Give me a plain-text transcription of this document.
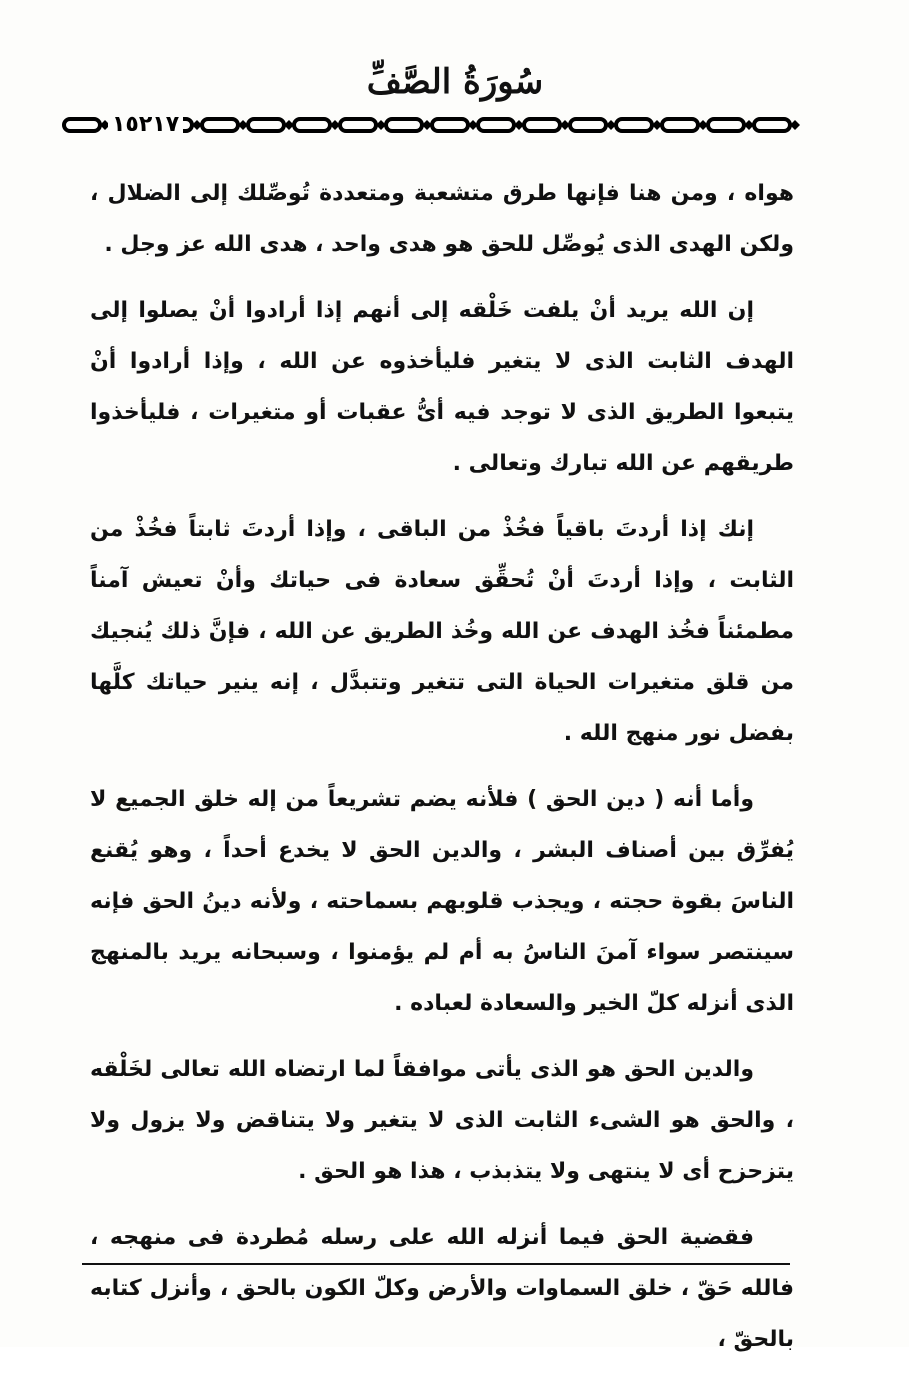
سُورَةُ الصَّفِّ
١٥٢١٧

هواه ، ومن هنا فإنها طرق متشعبة ومتعددة تُوصِّلك إلى الضلال ، ولكن الهدى الذى يُوصِّل للحق هو هدى واحد ، هدى الله عز وجل .

إن الله يريد أنْ يلفت خَلْقه إلى أنهم إذا أرادوا أنْ يصلوا إلى الهدف الثابت الذى لا يتغير فليأخذوه عن الله ، وإذا أرادوا أنْ يتبعوا الطريق الذى لا توجد فيه أىُّ عقبات أو متغيرات ، فليأخذوا طريقهم عن الله تبارك وتعالى .

إنك إذا أردتَ باقياً فخُذْ من الباقى ، وإذا أردتَ ثابتاً فخُذْ من الثابت ، وإذا أردتَ أنْ تُحقِّق سعادة فى حياتك وأنْ تعيش آمناً مطمئناً فخُذ الهدف عن الله وخُذ الطريق عن الله ، فإنَّ ذلك يُنجيك من قلق متغيرات الحياة التى تتغير وتتبدَّل ، إنه ينير حياتك كلَّها بفضل نور منهج الله .

وأما أنه ( دين الحق ) فلأنه يضم تشريعاً من إله خلق الجميع لا يُفرِّق بين أصناف البشر ، والدين الحق لا يخدع أحداً ، وهو يُقنع الناسَ بقوة حجته ، ويجذب قلوبهم بسماحته ، ولأنه دينُ الحق فإنه سينتصر سواء آمنَ الناسُ به أم لم يؤمنوا ، وسبحانه يريد بالمنهج الذى أنزله كلّ الخير والسعادة لعباده .

والدين الحق هو الذى يأتى موافقاً لما ارتضاه الله تعالى لخَلْقه ، والحق هو الشىء الثابت الذى لا يتغير ولا يتناقض ولا يزول ولا يتزحزح أى لا ينتهى ولا يتذبذب ، هذا هو الحق .

فقضية الحق فيما أنزله الله على رسله مُطردة فى منهجه ، فالله حَقّ ، خلق السماوات والأرض وكلّ الكون بالحق ، وأنزل كتابه بالحقّ ،
